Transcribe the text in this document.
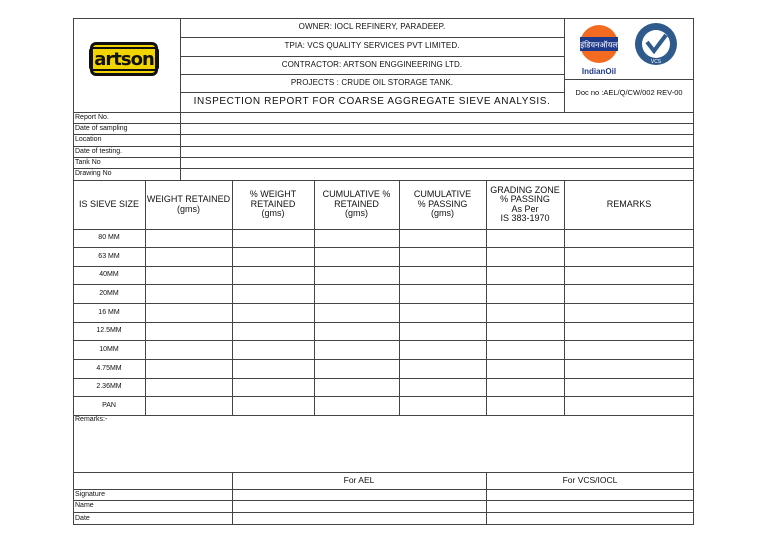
artson
OWNER: IOCL REFINERY, PARADEEP.
TPIA: VCS QUALITY SERVICES PVT LIMITED.
CONTRACTOR: ARTSON ENGGINEERING LTD.
PROJECTS : CRUDE OIL STORAGE TANK.
INSPECTION REPORT FOR COARSE AGGREGATE SIEVE ANALYSIS.
इंडियनऑयल
IndianOil
VCS
Doc no :AEL/Q/CW/002 REV-00
Report No.
Date of sampling
Location
Date of testing.
Tank No
Drawing No
IS SIEVE SIZE WEIGHT RETAINED
(gms)
% WEIGHT
RETAINED
(gms)
CUMULATIVE %
RETAINED
(gms)
CUMULATIVE
% PASSING
(gms)
GRADING ZONE
% PASSING
As Per
IS 383-1970
REMARKS
80 MM
63 MM
40MM
20MM
16 MM
12.5MM
10MM
4.75MM
2.36MM
PAN
Remarks:-
For AEL	For VCS/IOCL
Signature
Name
Date
